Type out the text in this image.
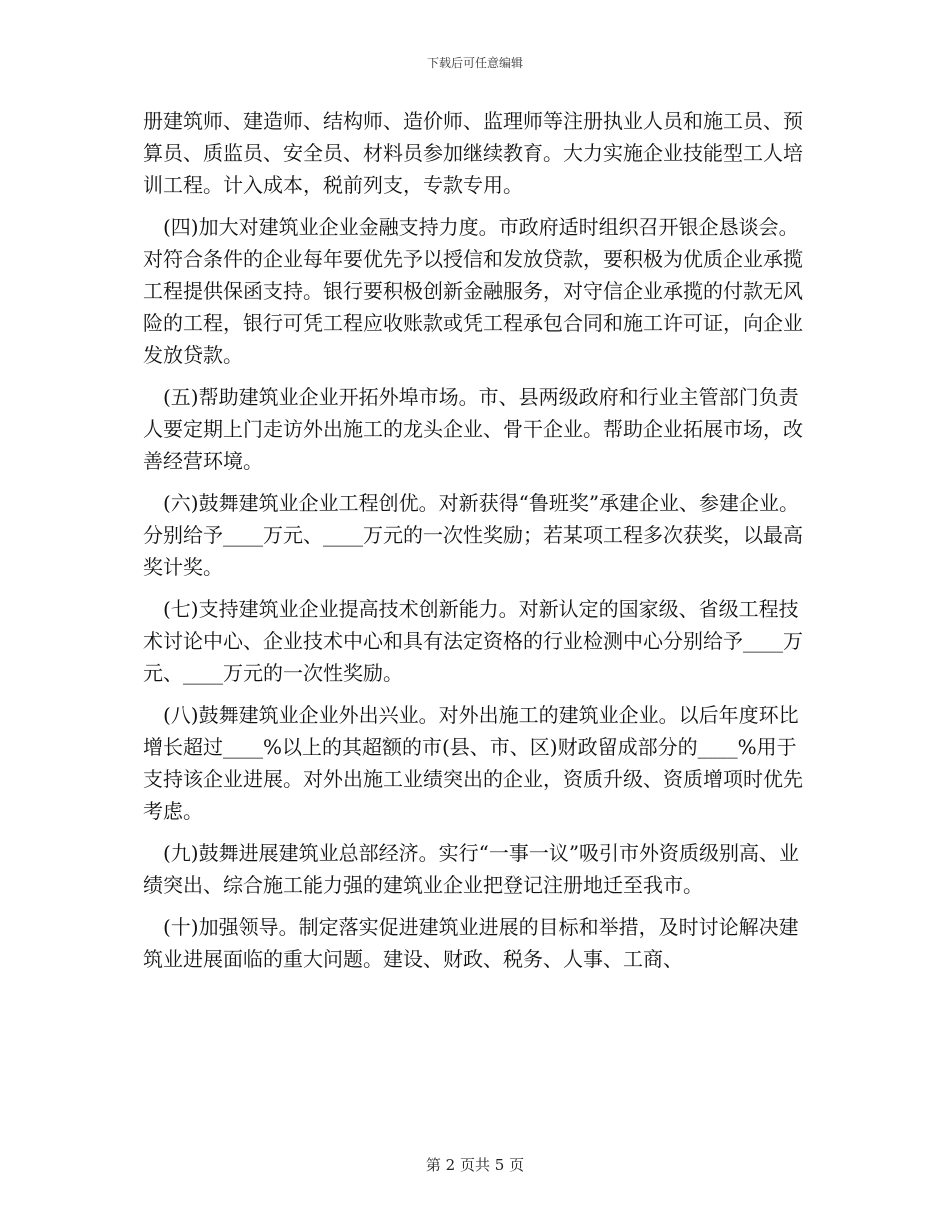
下载后可任意编辑

册建筑师、建造师、结构师、造价师、监理师等注册执业人员和施工员、预算员、质监员、安全员、材料员参加继续教育。大力实施企业技能型工人培训工程。计入成本，税前列支，专款专用。

(四)加大对建筑业企业金融支持力度。市政府适时组织召开银企恳谈会。对符合条件的企业每年要优先予以授信和发放贷款，要积极为优质企业承揽工程提供保函支持。银行要积极创新金融服务，对守信企业承揽的付款无风险的工程，银行可凭工程应收账款或凭工程承包合同和施工许可证，向企业发放贷款。

(五)帮助建筑业企业开拓外埠市场。市、县两级政府和行业主管部门负责人要定期上门走访外出施工的龙头企业、骨干企业。帮助企业拓展市场，改善经营环境。

(六)鼓舞建筑业企业工程创优。对新获得“鲁班奖”承建企业、参建企业。分别给予____万元、____万元的一次性奖励；若某项工程多次获奖，以最高奖计奖。

(七)支持建筑业企业提高技术创新能力。对新认定的国家级、省级工程技术讨论中心、企业技术中心和具有法定资格的行业检测中心分别给予____万元、____万元的一次性奖励。

(八)鼓舞建筑业企业外出兴业。对外出施工的建筑业企业。以后年度环比增长超过____%以上的其超额的市(县、市、区)财政留成部分的____%用于支持该企业进展。对外出施工业绩突出的企业，资质升级、资质增项时优先考虑。

(九)鼓舞进展建筑业总部经济。实行“一事一议”吸引市外资质级别高、业绩突出、综合施工能力强的建筑业企业把登记注册地迁至我市。

(十)加强领导。制定落实促进建筑业进展的目标和举措，及时讨论解决建筑业进展面临的重大问题。建设、财政、税务、人事、工商、

第 2 页共 5 页
